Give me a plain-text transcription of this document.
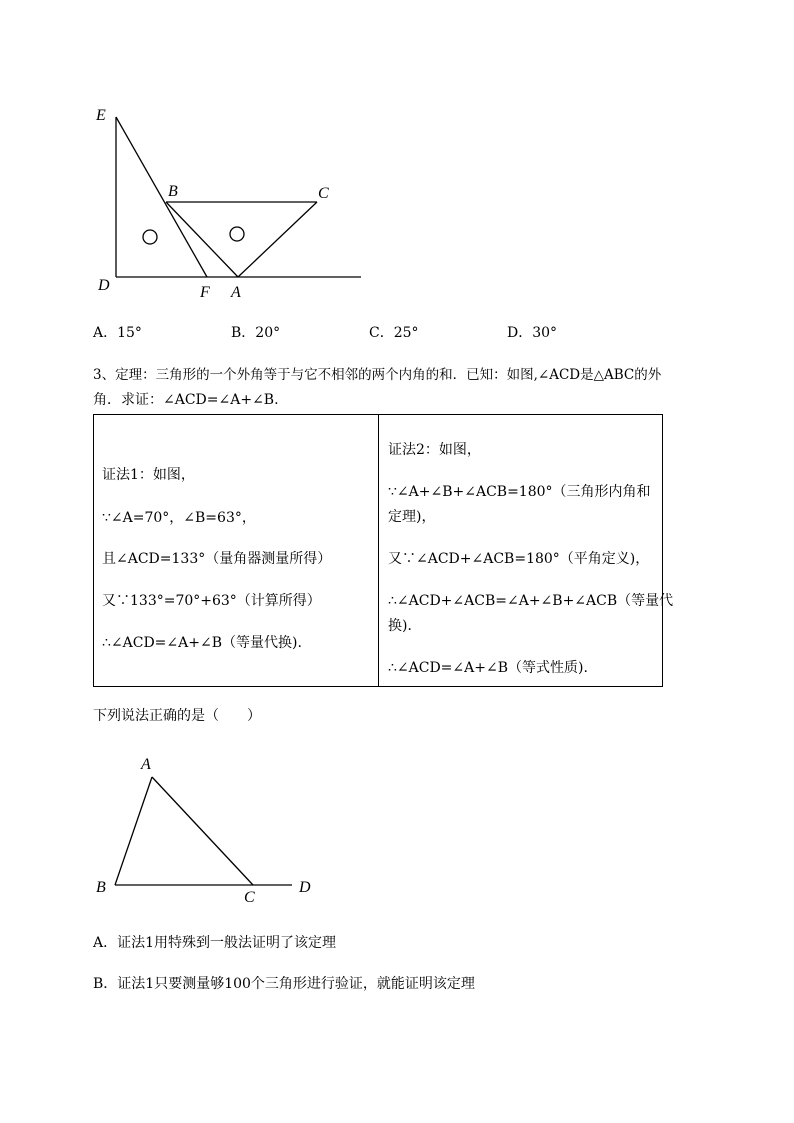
E
B	C
D	F A
A．15°	B．20°	C．25°	D．30°
3、定理：三角形的一个外角等于与它不相邻的两个内角的和．已知：如图,∠ACD是△ABC的外
角．求证：∠ACD=∠A+∠B.
证法1：如图，
∵∠A=70°，∠B=63°，
且∠ACD=133°（量角器测量所得）
又∵133°=70°+63°（计算所得）
∴∠ACD=∠A+∠B（等量代换).
证法2：如图，
∵∠A+∠B+∠ACB=180°（三角形内角和
定理)，
又∵∠ACD+∠ACB=180°（平角定义)，
∴∠ACD+∠ACB=∠A+∠B+∠ACB（等量代
换)．
∴∠ACD=∠A+∠B（等式性质).
下列说法正确的是（　　）
A
B
C
D
A．证法1用特殊到一般法证明了该定理
B．证法1只要测量够100个三角形进行验证，就能证明该定理
